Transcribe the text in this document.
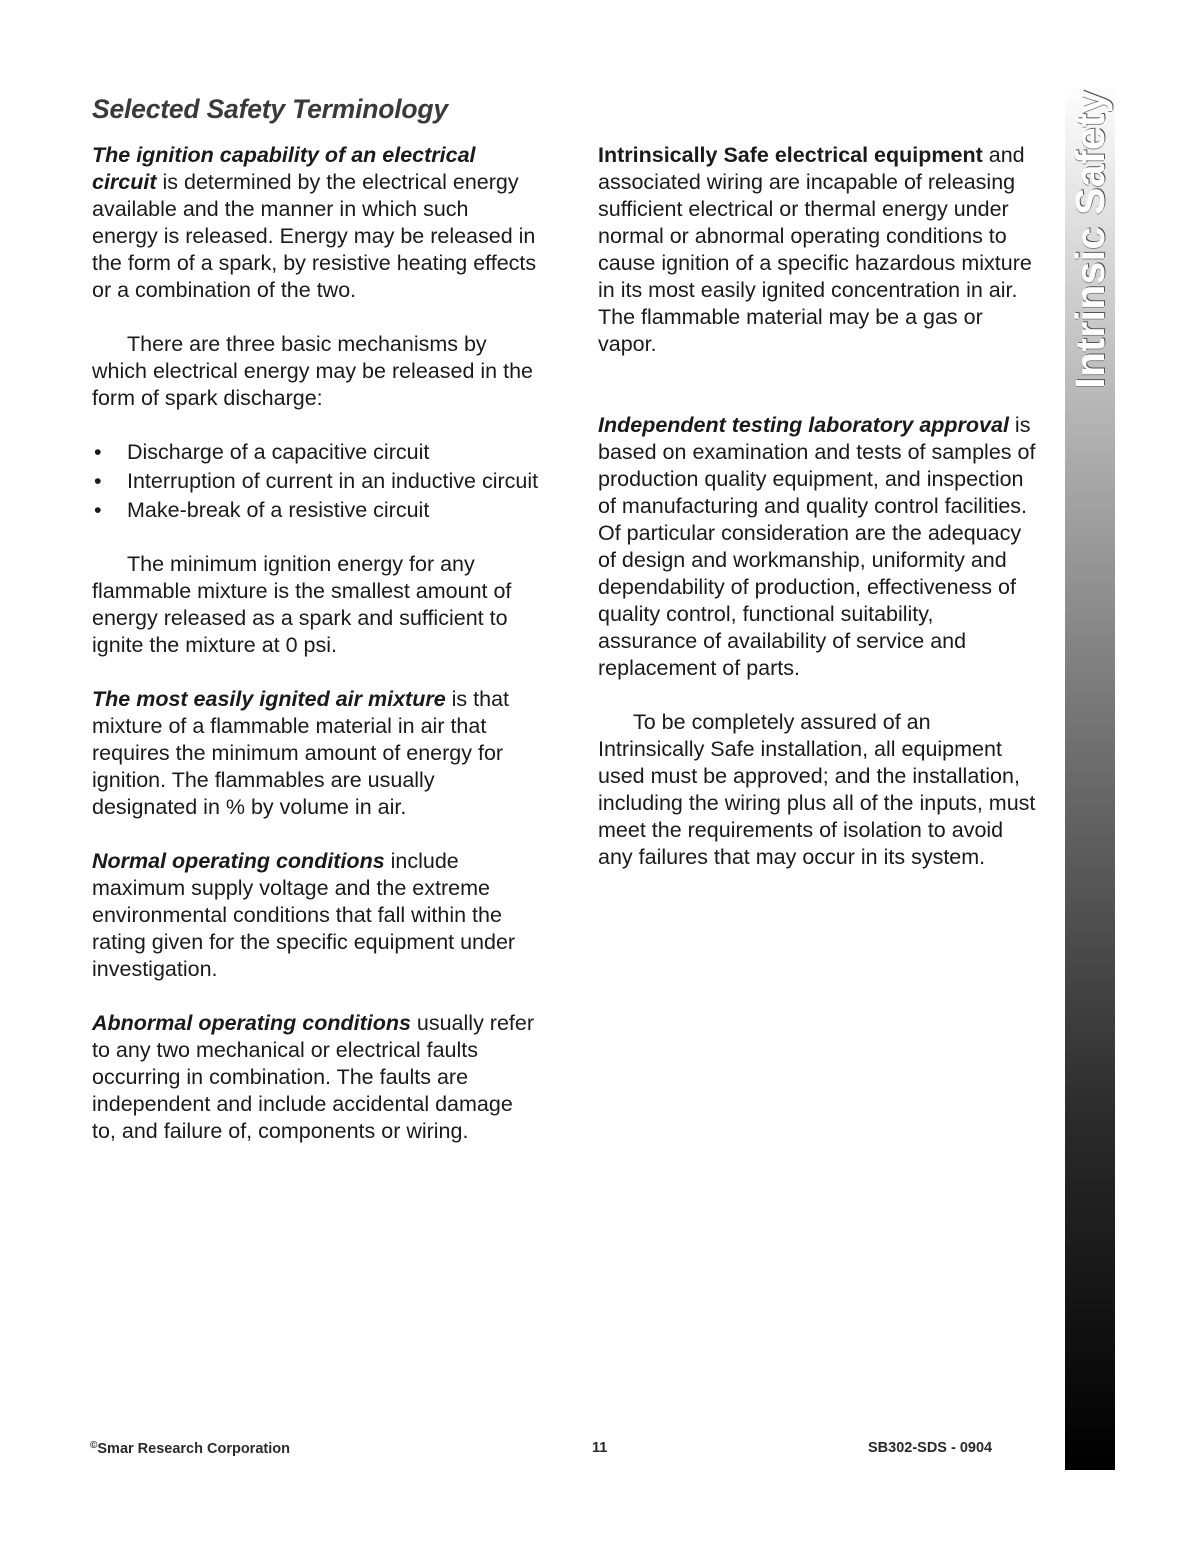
Selected Safety Terminology

The ignition capability of an electrical circuit is determined by the electrical energy available and the manner in which such energy is released. Energy may be released in the form of a spark, by resistive heating effects or a combination of the two.

There are three basic mechanisms by which electrical energy may be released in the form of spark discharge:

• Discharge of a capacitive circuit
• Interruption of current in an inductive circuit
• Make-break of a resistive circuit

The minimum ignition energy for any flammable mixture is the smallest amount of energy released as a spark and sufficient to ignite the mixture at 0 psi.

The most easily ignited air mixture is that mixture of a flammable material in air that requires the minimum amount of energy for ignition. The flammables are usually designated in % by volume in air.

Normal operating conditions include maximum supply voltage and the extreme environmental conditions that fall within the rating given for the specific equipment under investigation.

Abnormal operating conditions usually refer to any two mechanical or electrical faults occurring in combination. The faults are independent and include accidental damage to, and failure of, components or wiring.

Intrinsically Safe electrical equipment and associated wiring are incapable of releasing sufficient electrical or thermal energy under normal or abnormal operating conditions to cause ignition of a specific hazardous mixture in its most easily ignited concentration in air. The flammable material may be a gas or vapor.

Independent testing laboratory approval is based on examination and tests of samples of production quality equipment, and inspection of manufacturing and quality control facilities. Of particular consideration are the adequacy of design and workmanship, uniformity and dependability of production, effectiveness of quality control, functional suitability, assurance of availability of service and replacement of parts.

To be completely assured of an Intrinsically Safe installation, all equipment used must be approved; and the installation, including the wiring plus all of the inputs, must meet the requirements of isolation to avoid any failures that may occur in its system.

Intrinsic Safety
©Smar Research Corporation	11	SB302-SDS - 0904
